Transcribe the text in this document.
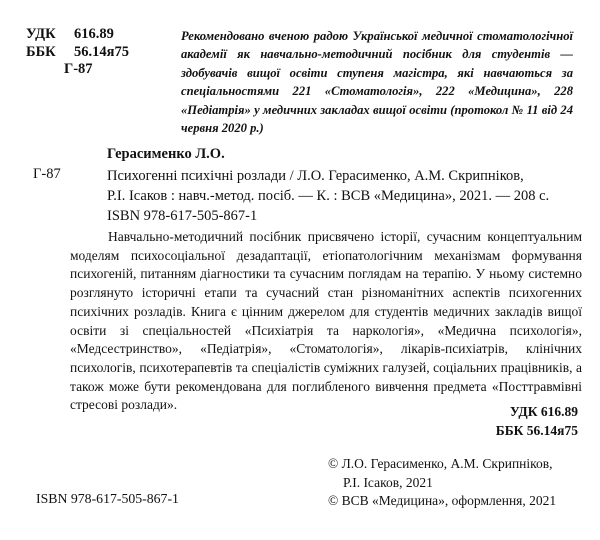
УДК 616.89
ББК 56.14я75
Г-87
Рекомендовано вченою радою Української медичної стоматологічної академії як навчально-методичний посібник для студентів — здобувачів вищої освіти ступеня магістра, які навчаються за спеціальностями 221 «Стоматологія», 222 «Медицина», 228 «Педіатрія» у медичних закладах вищої освіти (протокол № 11 від 24 червня 2020 р.)
Герасименко Л.О.
Г-87	Психогенні психічні розлади / Л.О. Герасименко, А.М. Скрипніков,
Р.І. Ісаков : навч.-метод. посіб. — К. : ВСВ «Медицина», 2021. — 208 с.
ISBN 978-617-505-867-1
Навчально-методичний посібник присвячено історії, сучасним концептуальним моделям психосоціальної дезадаптації, етіопатологічним механізмам формування психогеній, питанням діагностики та сучасним поглядам на терапію. У ньому системно розглянуто історичні етапи та сучасний стан різноманітних аспектів психогенних психічних розладів. Книга є цінним джерелом для студентів медичних закладів вищої освіти зі спеціальностей «Психіатрія та наркологія», «Медична психологія», «Медсестринство», «Педіатрія», «Стоматологія», лікарів-психіатрів, клінічних психологів, психотерапевтів та спеціалістів суміжних галузей, соціальних працівників, а також може бути рекомендована для поглибленого вивчення предмета «Посттравмівні стресові розлади».	УДК 616.89
ББК 56.14я75
© Л.О. Герасименко, А.М. Скрипніков,
Р.І. Ісаков, 2021
© ВСВ «Медицина», оформлення, 2021
ISBN 978-617-505-867-1
